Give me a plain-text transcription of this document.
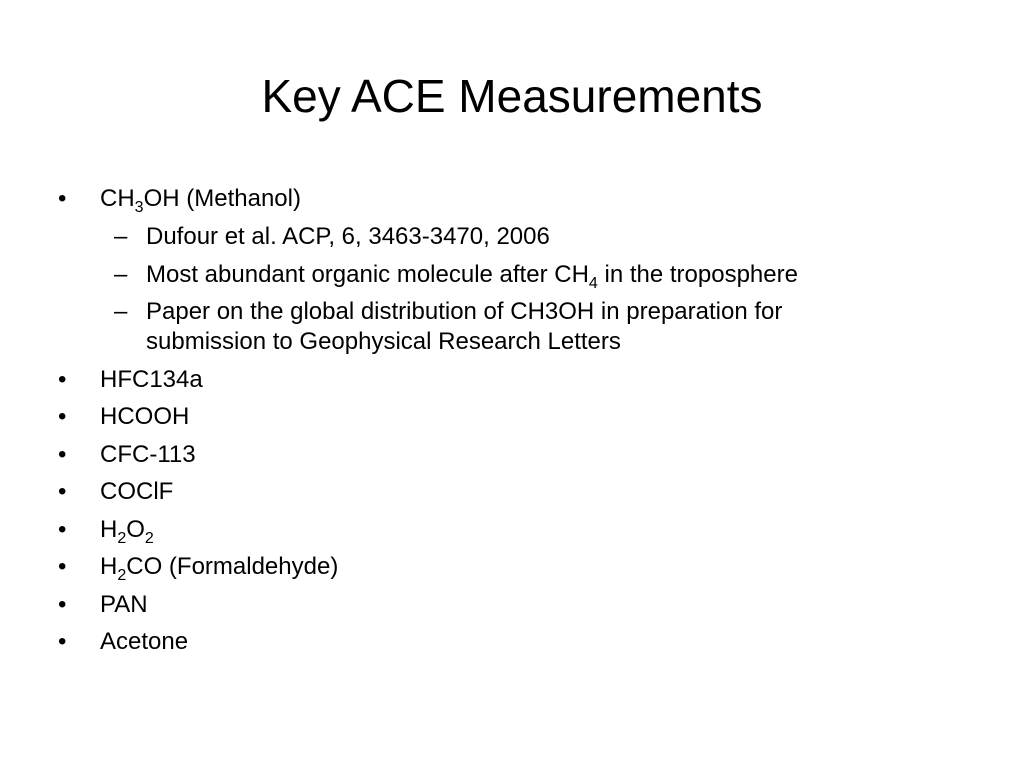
Key ACE Measurements
• $CH_3OH$ (Methanol)
– Dufour et al. ACP, 6, 3463-3470, 2006
– Most abundant organic molecule after $CH_4$ in the troposphere
– Paper on the global distribution of CH3OH in preparation for
submission to Geophysical Research Letters
• HFC134a
• HCOOH
• CFC-113
• COClF
• $H_2O_2$
• $H_2CO$ (Formaldehyde)
• PAN
• Acetone
